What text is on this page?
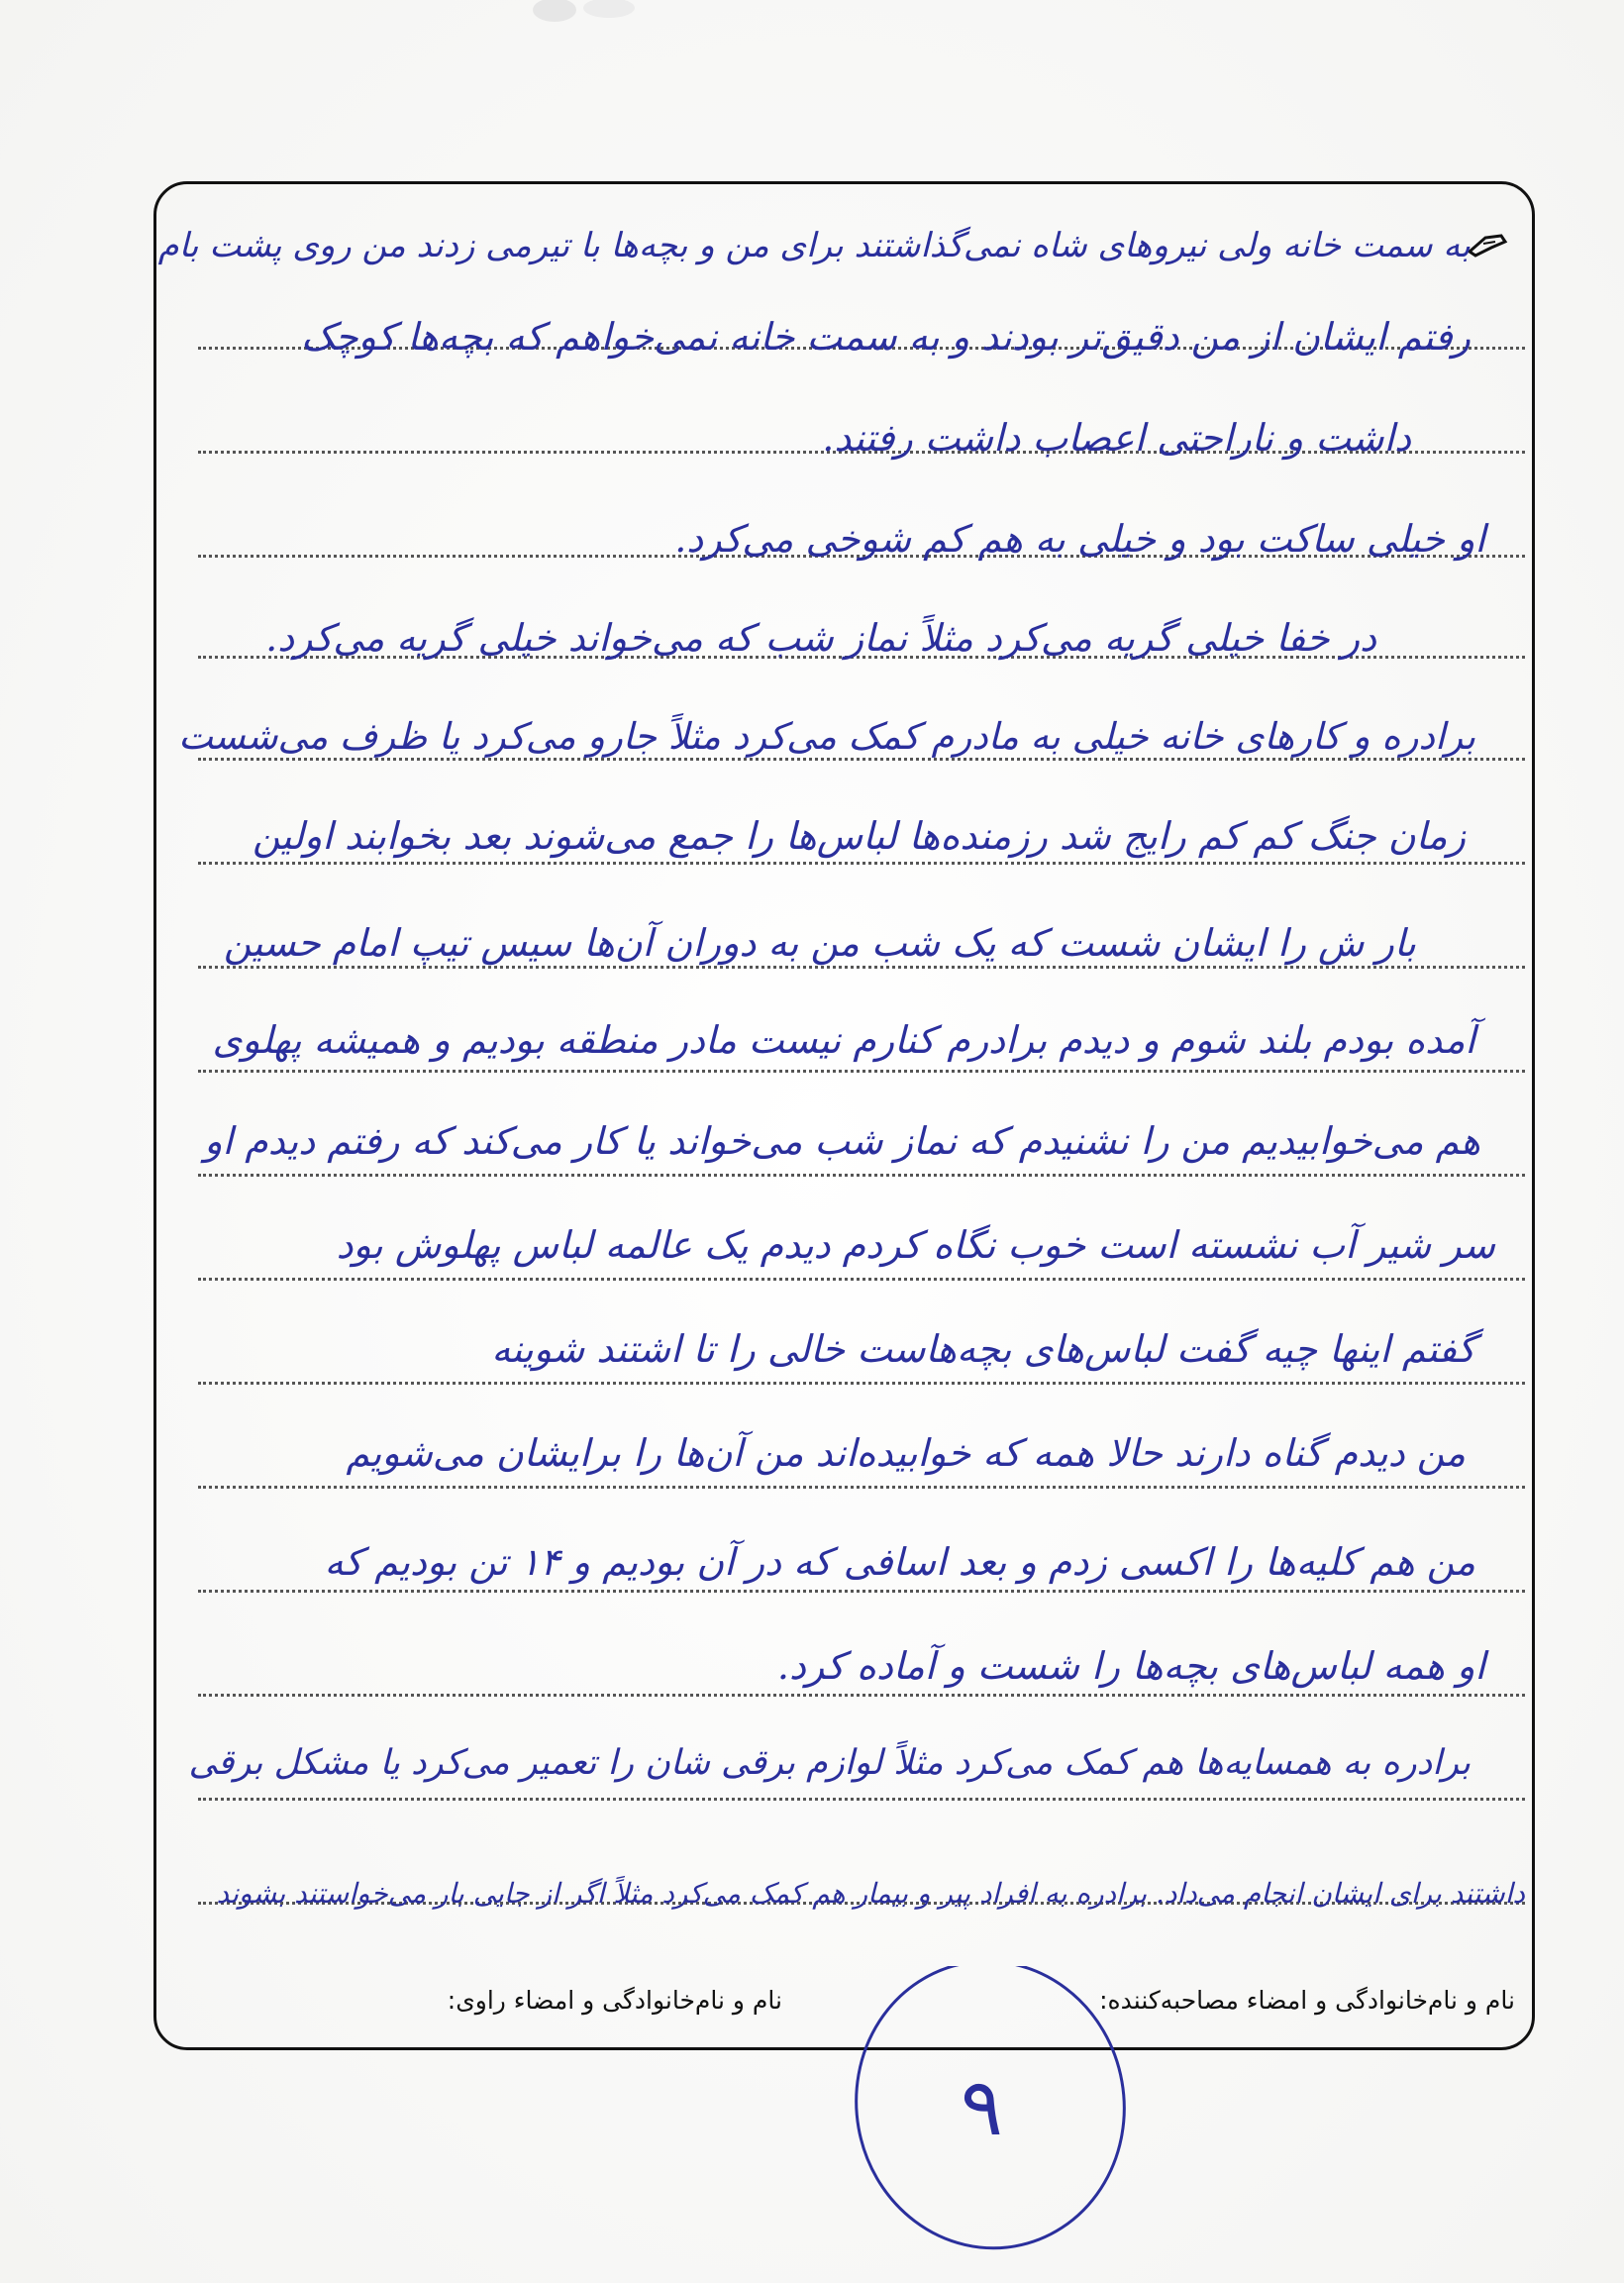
به سمت خانه ولی نیروهای شاه نمی‌گذاشتند برای من و بچه‌ها با تیرمی زدند من روی پشت بام
رفتم ایشان از من دقیق‌تر بودند و به سمت خانه نمی‌خواهم که بچه‌ها کوچک
داشت و ناراحتی اعصاب داشت رفتند.
او خیلی ساکت بود و خیلی به هم کم شوخی می‌کرد.
در خفا خیلی گریه می‌کرد مثلاً نماز شب که می‌خواند خیلی گریه می‌کرد.
برادره و کارهای خانه خیلی به مادرم کمک می‌کرد مثلاً جارو می‌کرد یا ظرف می‌شست
زمان جنگ کم کم رایج شد رزمنده‌ها لباس‌ها را جمع می‌شوند بعد بخوابند اولین
بار ش را ایشان شست که یک شب من به دوران آن‌ها سیس تیپ امام حسین
آمده بودم بلند شوم و دیدم برادرم کنارم نیست مادر منطقه بودیم و همیشه پهلوی
هم می‌خوابیدیم من را نشنیدم که نماز شب می‌خواند یا کار می‌کند که رفتم دیدم او
سر شیر آب نشسته است خوب نگاه کردم دیدم یک عالمه لباس پهلوش بود
گفتم اینها چیه گفت لباس‌های بچه‌هاست خالی را تا اشتند شوینه
من دیدم گناه دارند حالا همه که خوابیده‌اند من آن‌ها را برایشان می‌شویم
من هم کلیه‌ها را اکسی زدم و بعد اسافی که در آن بودیم و ۱۴ تن بودیم که
او همه لباس‌های بچه‌ها را شست و آماده کرد.
برادره به همسایه‌ها هم کمک می‌کرد مثلاً لوازم برقی شان را تعمیر می‌کرد یا مشکل برقی
داشتند برای ایشان انجام می‌داد. برادره به افراد پیر و بیمار هم کمک می‌کرد مثلاً اگر از جایی بار می‌خواستند بشوند
نام و نام‌خانوادگی و امضاء مصاحبه‌کننده:
نام و نام‌خانوادگی و امضاء راوی:
۹
